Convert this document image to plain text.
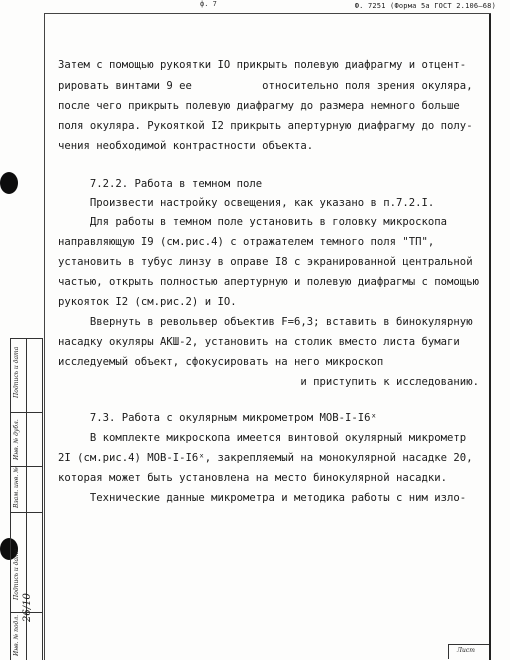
ф. 7	Ф. 7251 (Форма 5а ГОСТ 2.106—68)
Подпись и дата
Инв. № дубл.
Взам. инв. №
Подпись и дата
Инв. № подл.
26/10
Затем с помощью рукоятки IO прикрыть полевую диафрагму и отцент-
рировать винтами 9 ее           относительно поля зрения окуляра,
после чего прикрыть полевую диафрагму до размера немного больше
поля окуляра. Рукояткой I2 прикрыть апертурную диафрагму до полу-
чения необходимой контрастности объекта.
7.2.2. Работа в темном поле
Произвести настройку освещения, как указано в п.7.2.I.
Для работы в темном поле установить в головку микроскопа
направляющую I9 (см.рис.4) с отражателем темного поля "ТП",
установить в тубус линзу в оправе I8 с экранированной центральной
частью, открыть полностью апертурную и полевую диафрагмы с помощью
рукояток I2 (см.рис.2) и IO.
Ввернуть в револьвер объектив F=6,3; вставить в бинокулярную
насадку окуляры АКШ-2, установить на столик вместо листа бумаги
исследуемый объект, сфокусировать на него микроскоп
и приступить к исследованию.
7.3. Работа с окулярным микрометром МОВ-I-I6ˣ
В комплекте микроскопа имеется винтовой окулярный микрометр
2I (см.рис.4) МОВ-I-I6ˣ, закрепляемый на монокулярной насадке 20,
которая может быть установлена на место бинокулярной насадки.
Технические данные микрометра и методика работы с ним изло-
Лист
